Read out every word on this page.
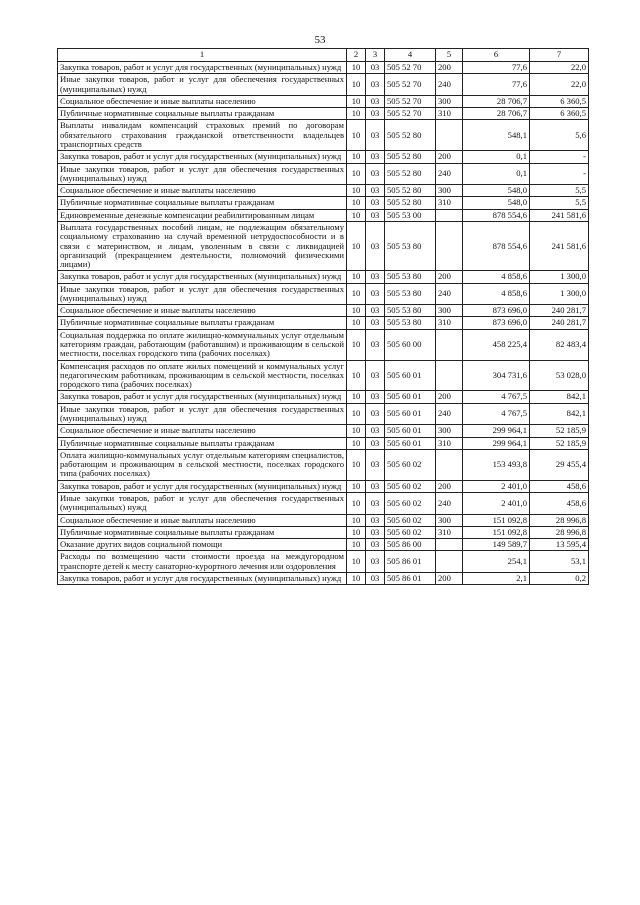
53
1	2	3	4	5	6	7
Закупка товаров, работ и услуг для государственных (муниципальных) нужд	10	03	505 52 70	200	77,6	22,0
Иные закупки товаров, работ и услуг для обеспечения государственных (муниципальных) нужд	10	03	505 52 70	240	77,6	22,0
Социальное обеспечение и иные выплаты населению	10	03	505 52 70	300	28 706,7	6 360,5
Публичные нормативные социальные выплаты гражданам	10	03	505 52 70	310	28 706,7	6 360,5
Выплаты инвалидам компенсаций страховых премий по договорам обязательного страхования гражданской ответственности владельцев транспортных средств	10	03	505 52 80		548,1	5,6
Закупка товаров, работ и услуг для государственных (муниципальных) нужд	10	03	505 52 80	200	0,1	-
Иные закупки товаров, работ и услуг для обеспечения государственных (муниципальных) нужд	10	03	505 52 80	240	0,1	-
Социальное обеспечение и иные выплаты населению	10	03	505 52 80	300	548,0	5,5
Публичные нормативные социальные выплаты гражданам	10	03	505 52 80	310	548,0	5,5
Единовременные денежные компенсации реабилитированным лицам	10	03	505 53 00		878 554,6	241 581,6
Выплата государственных пособий лицам, не подлежащим обязательному социальному страхованию на случай временной нетрудоспособности и в связи с материнством, и лицам, уволенным в связи с ликвидацией организаций (прекращением деятельности, полномочий физическими лицами)	10	03	505 53 80		878 554,6	241 581,6
Закупка товаров, работ и услуг для государственных (муниципальных) нужд	10	03	505 53 80	200	4 858,6	1 300,0
Иные закупки товаров, работ и услуг для обеспечения государственных (муниципальных) нужд	10	03	505 53 80	240	4 858,6	1 300,0
Социальное обеспечение и иные выплаты населению	10	03	505 53 80	300	873 696,0	240 281,7
Публичные нормативные социальные выплаты гражданам	10	03	505 53 80	310	873 696,0	240 281,7
Социальная поддержка по оплате жилищно-коммунальных услуг отдельным категориям граждан, работающим (работавшим) и проживающим в сельской местности, поселках городского типа (рабочих поселках)	10	03	505 60 00		458 225,4	82 483,4
Компенсация расходов по оплате жилых помещений и коммунальных услуг педагогическим работникам, проживающим в сельской местности, поселках городского типа (рабочих поселках)	10	03	505 60 01		304 731,6	53 028,0
Закупка товаров, работ и услуг для государственных (муниципальных) нужд	10	03	505 60 01	200	4 767,5	842,1
Иные закупки товаров, работ и услуг для обеспечения государственных (муниципальных) нужд	10	03	505 60 01	240	4 767,5	842,1
Социальное обеспечение и иные выплаты населению	10	03	505 60 01	300	299 964,1	52 185,9
Публичные нормативные социальные выплаты гражданам	10	03	505 60 01	310	299 964,1	52 185,9
Оплата жилищно-коммунальных услуг отдельным категориям специалистов, работающим и проживающим в сельской местности, поселках городского типа (рабочих поселках)	10	03	505 60 02		153 493,8	29 455,4
Закупка товаров, работ и услуг для государственных (муниципальных) нужд	10	03	505 60 02	200	2 401,0	458,6
Иные закупки товаров, работ и услуг для обеспечения государственных (муниципальных) нужд	10	03	505 60 02	240	2 401,0	458,6
Социальное обеспечение и иные выплаты населению	10	03	505 60 02	300	151 092,8	28 996,8
Публичные нормативные социальные выплаты гражданам	10	03	505 60 02	310	151 092,8	28 996,8
Оказание других видов социальной помощи	10	03	505 86 00		149 589,7	13 595,4
Расходы по возмещению части стоимости проезда на междугородном транспорте детей к месту санаторно-курортного лечения или оздоровления	10	03	505 86 01		254,1	53,1
Закупка товаров, работ и услуг для государственных (муниципальных) нужд	10	03	505 86 01	200	2,1	0,2
